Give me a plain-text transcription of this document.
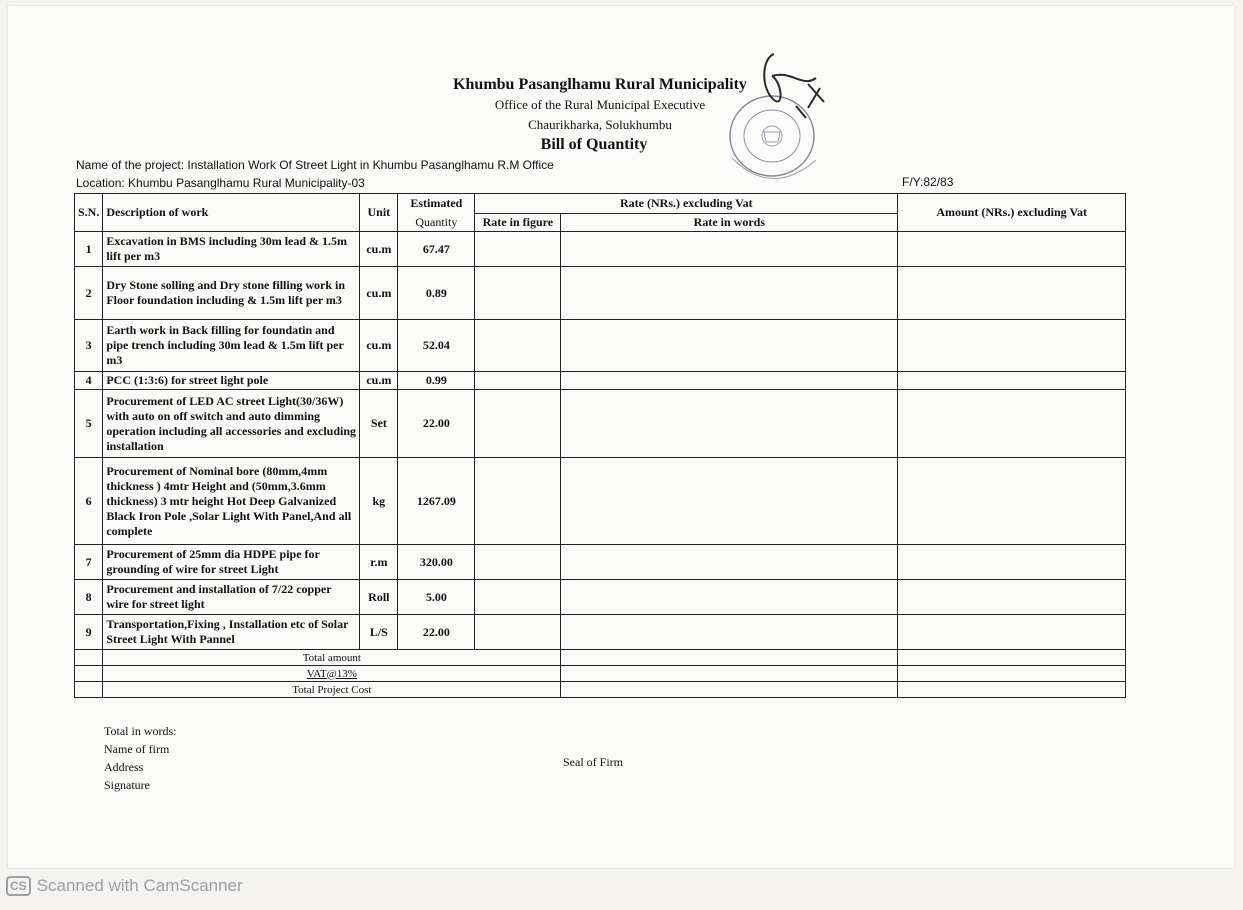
Khumbu Pasanglhamu Rural Municipality
Office of the Rural Municipal Executive
Chaurikharka, Solukhumbu
Bill of Quantity
Name of the project: Installation Work Of Street Light in Khumbu Pasanglhamu R.M Office
Location: Khumbu Pasanglhamu Rural Municipality-03	F/Y:82/83
S.N.	Description of work	Unit	Estimated	Rate (NRs.) excluding Vat		Amount (NRs.) excluding Vat
			Quantity	Rate in figure	Rate in words	
1	Excavation in BMS including 30m lead & 1.5m lift per m3	cu.m	67.47			
2	Dry Stone solling and Dry stone filling work in Floor foundation including & 1.5m lift per m3	cu.m	0.89			
3	Earth work in Back filling for foundatin and pipe trench including 30m lead & 1.5m lift per m3	cu.m	52.04			
4	PCC (1:3:6) for street light pole	cu.m	0.99			
5	Procurement of LED AC street Light(30/36W) with auto on off switch and auto dimming operation including all accessories and excluding installation	Set	22.00			
6	Procurement of Nominal bore (80mm,4mm thickness ) 4mtr Height and (50mm,3.6mm thickness) 3 mtr height Hot Deep Galvanized Black Iron Pole ,Solar Light With Panel,And all complete	kg	1267.09			
7	Procurement of 25mm dia HDPE pipe for grounding of wire for street Light	r.m	320.00			
8	Procurement and installation of 7/22 copper wire for street light	Roll	5.00			
9	Transportation,Fixing , Installation etc of Solar Street Light With Pannel	L/S	22.00			
	Total amount					
	VAT@13%					
	Total Project Cost					
Total in words:
Name of firm
Address
Signature
Seal of Firm
CS Scanned with CamScanner
